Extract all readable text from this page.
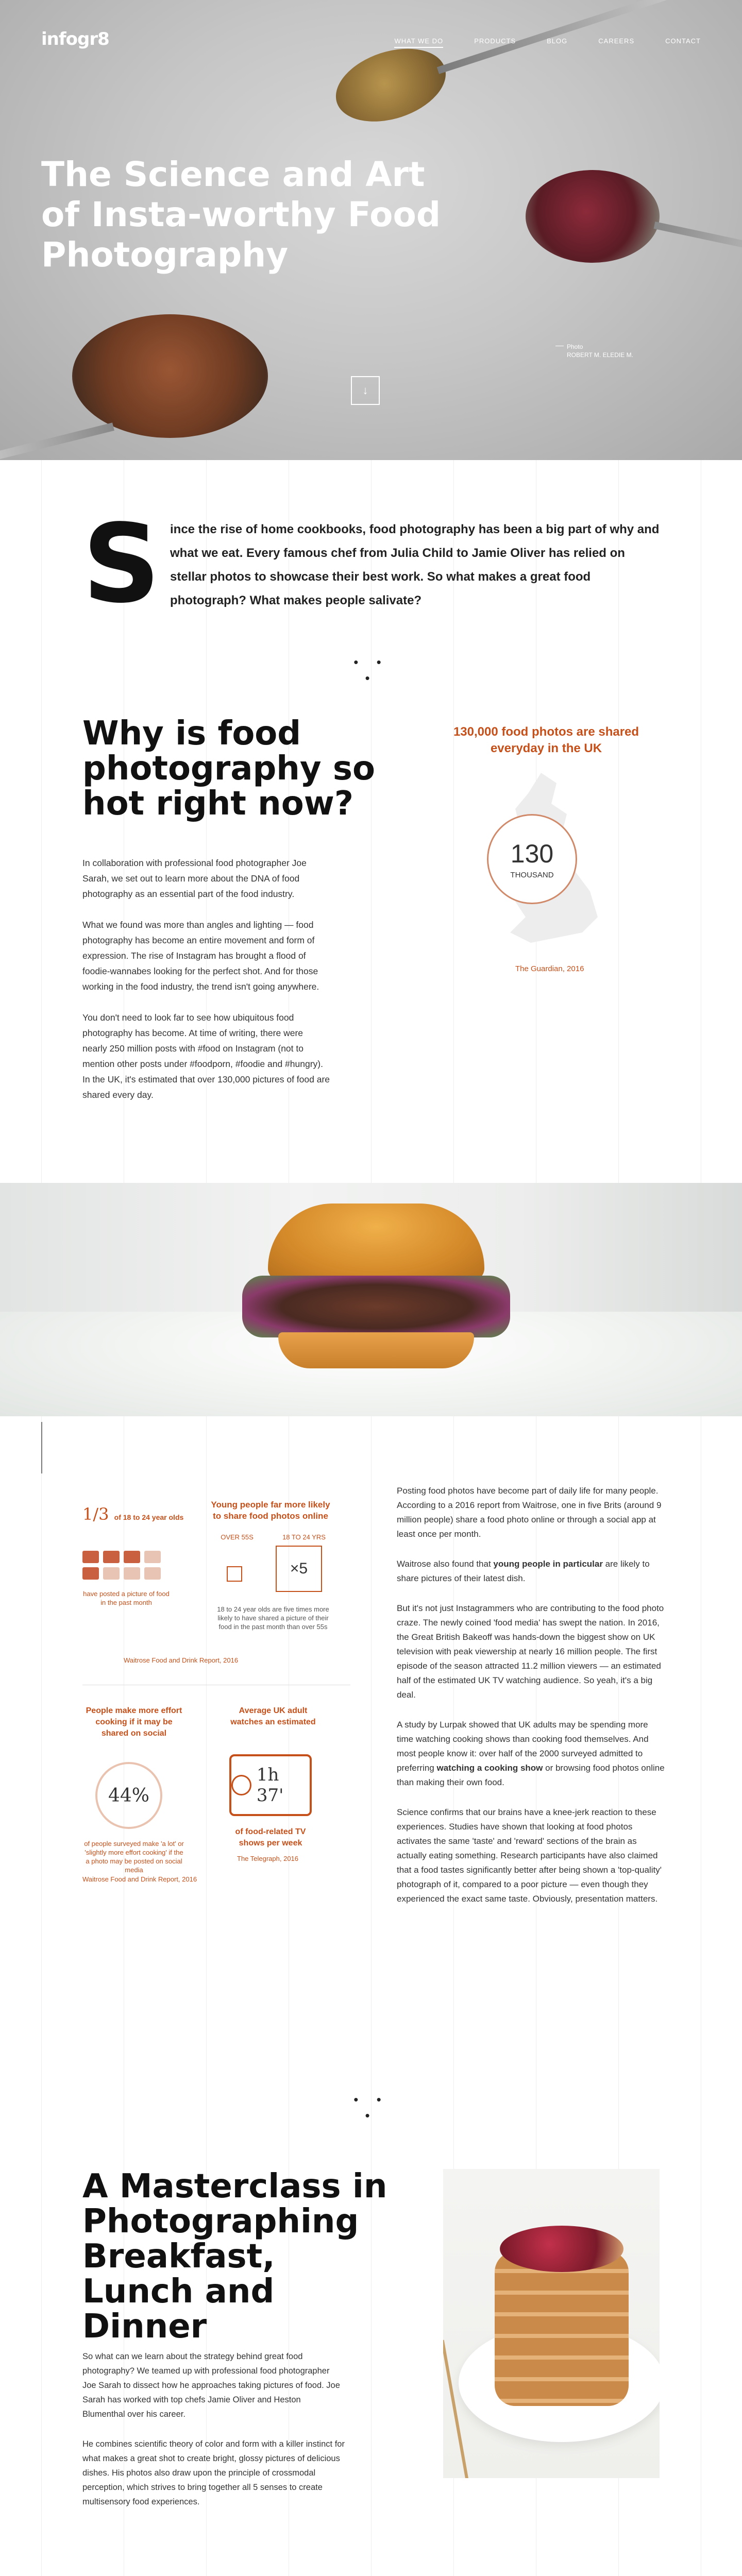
infogr8	WHAT WE DO	PRODUCTS	BLOG	CAREERS	CONTACT
The Science and Art of Insta-worthy Food Photography
Photo
ROBERT M. ELEDIE M.
↓
S ince the rise of home cookbooks, food photography has been a big part of why and what we eat. Every famous chef from Julia Child to Jamie Oliver has relied on stellar photos to showcase their best work. So what makes a great food photograph? What makes people salivate?
• • •
Why is food photography so hot right now?

In collaboration with professional food photographer Joe Sarah, we set out to learn more about the DNA of food photography as an essential part of the food industry.

What we found was more than angles and lighting — food photography has become an entire movement and form of expression. The rise of Instagram has brought a flood of foodie-wannabes looking for the perfect shot. And for those working in the food industry, the trend isn't going anywhere.

You don't need to look far to see how ubiquitous food photography has become. At time of writing, there were nearly 250 million posts with #food on Instagram (not to mention other posts under #foodporn, #foodie and #hungry). In the UK, it's estimated that over 130,000 pictures of food are shared every day.

130,000 food photos are shared everyday in the UK
130
THOUSAND
The Guardian, 2016
1/3 of 18 to 24 year olds
have posted a picture of food in the past month
Young people far more likely to share food photos online
OVER 55S	18 TO 24 YRS
×5
18 to 24 year olds are five times more likely to have shared a picture of their food in the past month than over 55s
Waitrose Food and Drink Report, 2016
People make more effort cooking if it may be shared on social
44%
of people surveyed make 'a lot' or 'slightly more effort cooking' if the a photo may be posted on social media
Waitrose Food and Drink Report, 2016
Average UK adult watches an estimated
1h 37'
of food-related TV shows per week
The Telegraph, 2016

Posting food photos have become part of daily life for many people. According to a 2016 report from Waitrose, one in five Brits (around 9 million people) share a food photo online or through a social app at least once per month.

Waitrose also found that young people in particular are likely to share pictures of their latest dish.

But it's not just Instagrammers who are contributing to the food photo craze. The newly coined 'food media' has swept the nation. In 2016, the Great British Bakeoff was hands-down the biggest show on UK television with peak viewership at nearly 16 million people. The first episode of the season attracted 11.2 million viewers — an estimated half of the estimated UK TV watching audience. So yeah, it's a big deal.

A study by Lurpak showed that UK adults may be spending more time watching cooking shows than cooking food themselves. And most people know it: over half of the 2000 surveyed admitted to preferring watching a cooking show or browsing food photos online than making their own food.

Science confirms that our brains have a knee-jerk reaction to these experiences. Studies have shown that looking at food photos activates the same 'taste' and 'reward' sections of the brain as actually eating something. Research participants have also claimed that a food tastes significantly better after being shown a 'top-quality' photograph of it, compared to a poor picture — even though they experienced the exact same taste. Obviously, presentation matters.

• • •
A Masterclass in Photographing Breakfast, Lunch and Dinner

So what can we learn about the strategy behind great food photography? We teamed up with professional food photographer Joe Sarah to dissect how he approaches taking pictures of food. Joe Sarah has worked with top chefs Jamie Oliver and Heston Blumenthal over his career.

He combines scientific theory of color and form with a killer instinct for what makes a great shot to create bright, glossy pictures of delicious dishes. His photos also draw upon the principle of crossmodal perception, which strives to bring together all 5 senses to create multisensory food experiences.
